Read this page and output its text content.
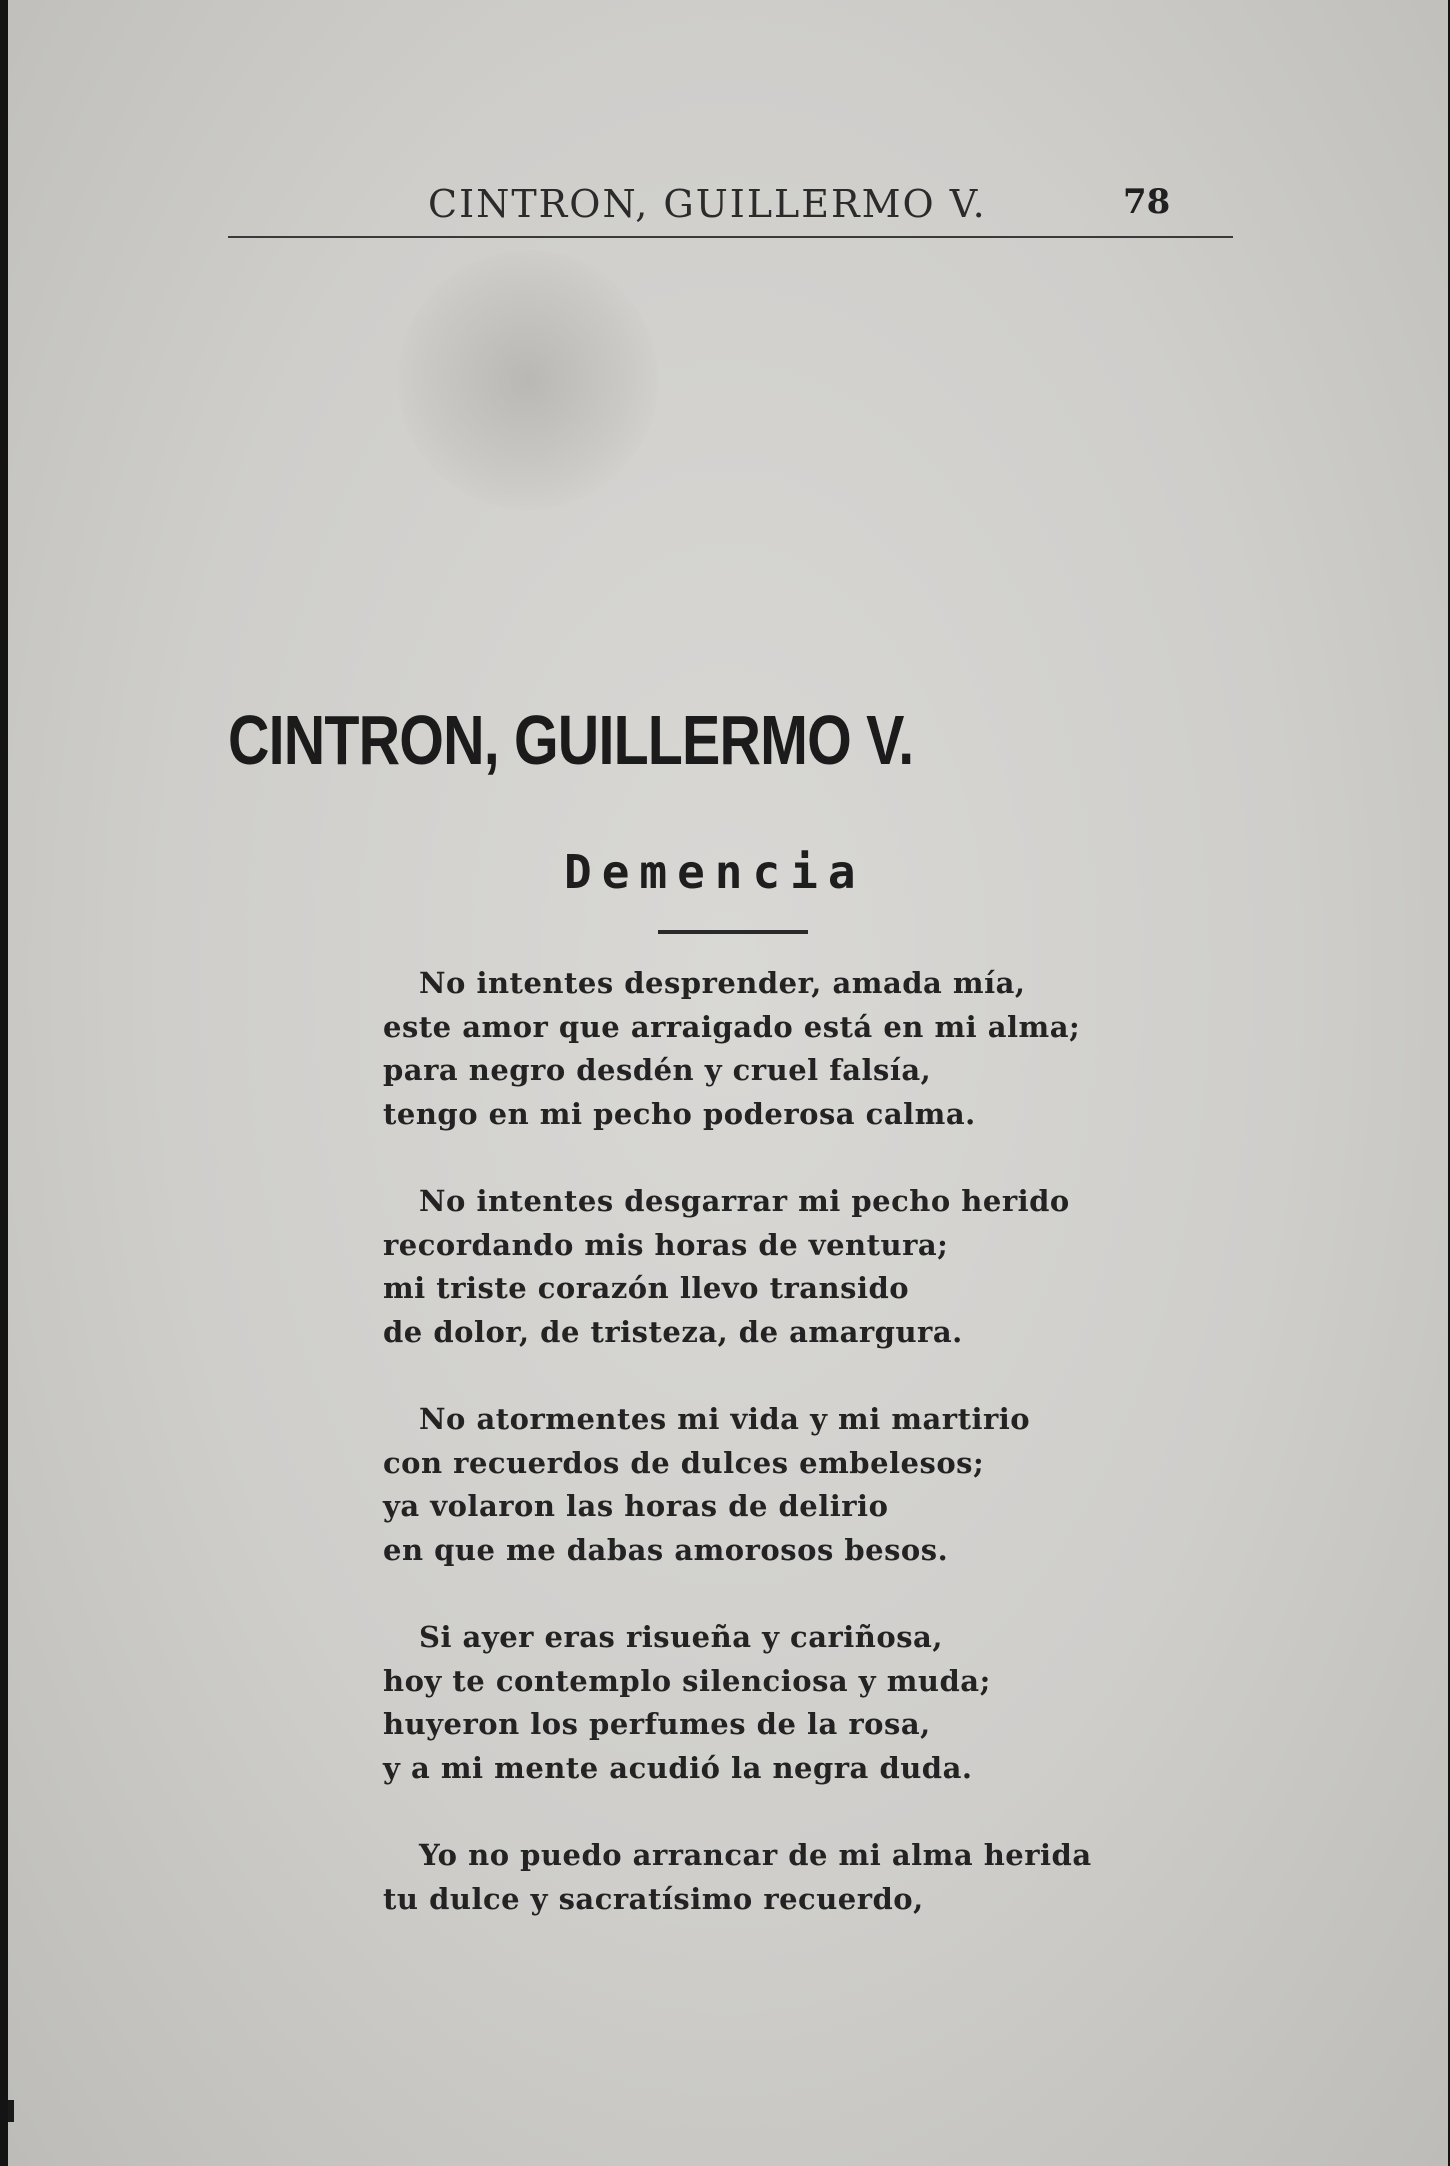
CINTRON, GUILLERMO V.	78
CINTRON, GUILLERMO V.
Demencia
No intentes desprender, amada mía,
este amor que arraigado está en mi alma;
para negro desdén y cruel falsía,
tengo en mi pecho poderosa calma.
No intentes desgarrar mi pecho herido
recordando mis horas de ventura;
mi triste corazón llevo transido
de dolor, de tristeza, de amargura.
No atormentes mi vida y mi martirio
con recuerdos de dulces embelesos;
ya volaron las horas de delirio
en que me dabas amorosos besos.
Si ayer eras risueña y cariñosa,
hoy te contemplo silenciosa y muda;
huyeron los perfumes de la rosa,
y a mi mente acudió la negra duda.
Yo no puedo arrancar de mi alma herida
tu dulce y sacratísimo recuerdo,
